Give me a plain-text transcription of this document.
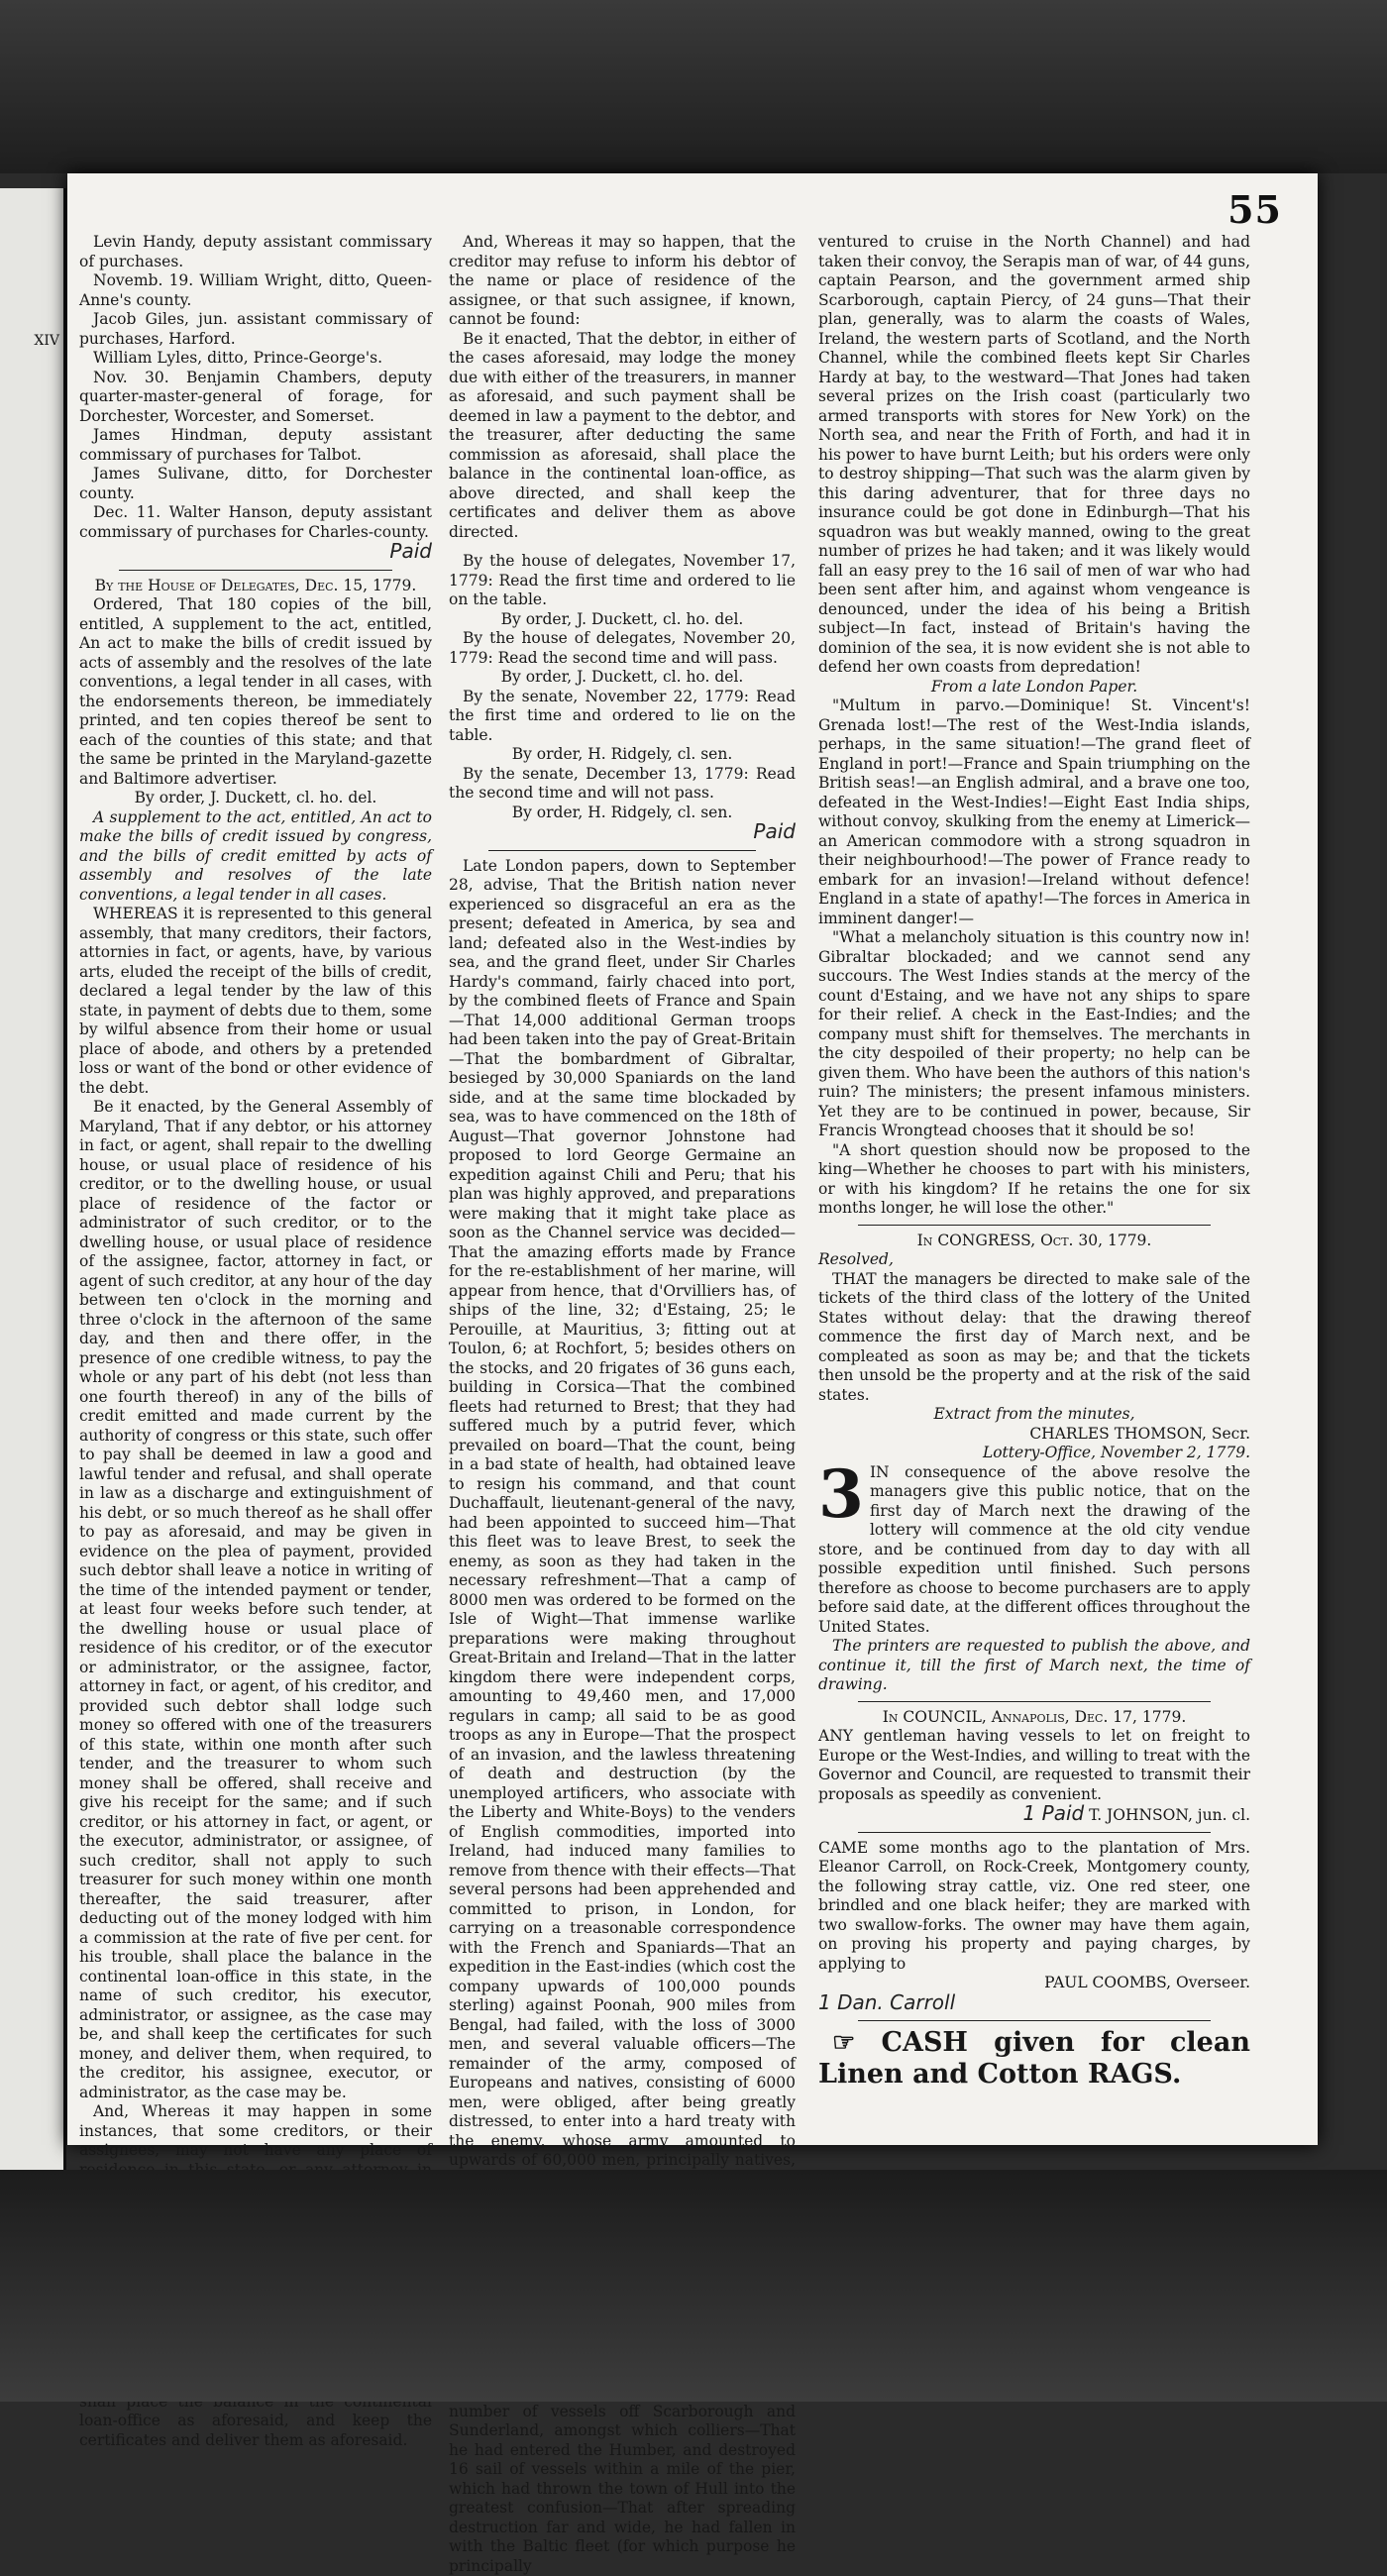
XIV
55

Levin Handy, deputy assistant commissary of purchases.

Novemb. 19. William Wright, ditto, Queen-Anne's county.

Jacob Giles, jun. assistant commissary of purchases, Harford.

William Lyles, ditto, Prince-George's.

Nov. 30. Benjamin Chambers, deputy quarter-master-general of forage, for Dorchester, Worcester, and Somerset.

James Hindman, deputy assistant commissary of purchases for Talbot.

James Sulivane, ditto, for Dorchester county.

Dec. 11. Walter Hanson, deputy assistant commissary of purchases for Charles-county.

Paid

By the House of Delegates, Dec. 15, 1779.

Ordered, That 180 copies of the bill, entitled, A supplement to the act, entitled, An act to make the bills of credit issued by acts of assembly and the resolves of the late conventions, a legal tender in all cases, with the endorsements thereon, be immediately printed, and ten copies thereof be sent to each of the counties of this state; and that the same be printed in the Maryland-gazette and Baltimore advertiser.

By order, J. Duckett, cl. ho. del.

A supplement to the act, entitled, An act to make the bills of credit issued by congress, and the bills of credit emitted by acts of assembly and resolves of the late conventions, a legal tender in all cases.

WHEREAS it is represented to this general assembly, that many creditors, their factors, attornies in fact, or agents, have, by various arts, eluded the receipt of the bills of credit, declared a legal tender by the law of this state, in payment of debts due to them, some by wilful absence from their home or usual place of abode, and others by a pretended loss or want of the bond or other evidence of the debt.

Be it enacted, by the General Assembly of Maryland, That if any debtor, or his attorney in fact, or agent, shall repair to the dwelling house, or usual place of residence of his creditor, or to the dwelling house, or usual place of residence of the factor or administrator of such creditor, or to the dwelling house, or usual place of residence of the assignee, factor, attorney in fact, or agent of such creditor, at any hour of the day between ten o'clock in the morning and three o'clock in the afternoon of the same day, and then and there offer, in the presence of one credible witness, to pay the whole or any part of his debt (not less than one fourth thereof) in any of the bills of credit emitted and made current by the authority of congress or this state, such offer to pay shall be deemed in law a good and lawful tender and refusal, and shall operate in law as a discharge and extinguishment of his debt, or so much thereof as he shall offer to pay as aforesaid, and may be given in evidence on the plea of payment, provided such debtor shall leave a notice in writing of the time of the intended payment or tender, at least four weeks before such tender, at the dwelling house or usual place of residence of his creditor, or of the executor or administrator, or the assignee, factor, attorney in fact, or agent, of his creditor, and provided such debtor shall lodge such money so offered with one of the treasurers of this state, within one month after such tender, and the treasurer to whom such money shall be offered, shall receive and give his receipt for the same; and if such creditor, or his attorney in fact, or agent, or the executor, administrator, or assignee, of such creditor, shall not apply to such treasurer for such money within one month thereafter, the said treasurer, after deducting out of the money lodged with him a commission at the rate of five per cent. for his trouble, shall place the balance in the continental loan-office in this state, in the name of such creditor, his executor, administrator, or assignee, as the case may be, and shall keep the certificates for such money, and deliver them, when required, to the creditor, his assignee, executor, or administrator, as the case may be.

And, Whereas it may happen in some instances, that some creditors, or their assignees, may not have any place of

loan-office as aforesaid, and keep the certificates and deliver them as aforesaid.

And, Whereas it may so happen, that the creditor may refuse to inform his debtor of the name or place of residence of the assignee, or that such assignee, if known, cannot be found:

Be it enacted, That the debtor, in either of the cases aforesaid, may lodge the money due with either of the treasurers, in manner as aforesaid, and such payment shall be deemed in law a payment to the debtor, and the treasurer, after deducting the same commission as aforesaid, shall place the balance in the continental loan-office, as above directed, and shall keep the certificates and deliver them as above directed.

By the house of delegates, November 17, 1779: Read the first time and ordered to lie on the table.

By order, J. Duckett, cl. ho. del.

By the house of delegates, November 20, 1779: Read the second time and will pass.

By order, J. Duckett, cl. ho. del.

By the senate, November 22, 1779: Read the first time and ordered to lie on the table.

By order, H. Ridgely, cl. sen.

By the senate, December 13, 1779: Read the second time and will not pass.

By order, H. Ridgely, cl. sen.

Paid

Late London papers, down to September 28, advise, That the British nation never experienced so disgraceful an era as the present; defeated in America, by sea and land; defeated also in the West-indies by sea, and the grand fleet, under Sir Charles Hardy's command, fairly chaced into port, by the combined fleets of France and Spain—That 14,000 additional German troops had been taken into the pay of Great-Britain—That the bombardment of Gibraltar, besieged by 30,000 Spaniards on the land side, and at the same time blockaded by sea, was to have commenced on the 18th of August—That governor Johnstone had proposed to lord George Germaine an expedition against Chili and Peru; that his plan was highly approved, and preparations were making that it might take place as soon as the Channel service was decided—That the amazing efforts made by France for the re-establishment of her marine, will appear from hence, that d'Orvilliers has, of ships of the line, 32; d'Estaing, 25; le Perouille, at Mauritius, 3; fitting out at Toulon, 6; at Rochfort, 5; besides others on the stocks, and 20 frigates of 36 guns each, building in Corsica—That the combined fleets had returned to Brest; that they had suffered much by a putrid fever, which prevailed on board—That the count, being in a bad state of health, had obtained leave to resign his command, and that count Duchaffault, lieutenant-general of the navy, had been appointed to succeed him—That this fleet was to leave Brest, to seek the enemy, as soon as they had taken in the necessary refreshment—That a camp of 8000 men was ordered to be formed on the Isle of Wight—That immense warlike preparations were making throughout Great-Britain and Ireland—That in the latter kingdom there were independent corps, amounting to 49,460 men, and 17,000 regulars in camp; all said to be as good troops as any in Europe—That the prospect of an invasion, and the lawless threatening of death and destruction (by the unemployed artificers, who associate with the Liberty and White-Boys) to the venders of English commodities, imported into Ireland, had induced many families to remove from thence with their effects—That several persons had been apprehended and committed to prison, in London, for carrying on a treasonable correspondence with the French and Spaniards—That an expedition in the East-indies (which cost the company upwards of 100,000 pounds sterling) against Poonah, 900 miles from Bengal, had failed, with the loss of 3000 men, and several valuable officers—The remainder of the army, composed of Europeans and natives, consisting of 6000 men, were obliged, after being greatly distressed, to enter into a hard treaty with the enemy, whose army amounted to upwards of 60,000 men, principally natives, number of vessels off Scarborough and Sunderland, amongst which colliers—That he had entered the Humber, and destroyed 16 sail of vessels within a mile of the pier, which had thrown the town of Hull into the greatest confusion—That after spreading destruction far and wide, he had fallen in with the Baltic fleet (for which purpose he principally

ventured to cruise in the North Channel) and had taken their convoy, the Serapis man of war, of 44 guns, captain Pearson, and the government armed ship Scarborough, captain Piercy, of 24 guns—That their plan, generally, was to alarm the coasts of Wales, Ireland, the western parts of Scotland, and the North Channel, while the combined fleets kept Sir Charles Hardy at bay, to the westward—That Jones had taken several prizes on the Irish coast (particularly two armed transports with stores for New York) on the North sea, and near the Frith of Forth, and had it in his power to have burnt Leith; but his orders were only to destroy shipping—That such was the alarm given by this daring adventurer, that for three days no insurance could be got done in Edinburgh—That his squadron was but weakly manned, owing to the great number of prizes he had taken; and it was likely would fall an easy prey to the 16 sail of men of war who had been sent after him, and against whom vengeance is denounced, under the idea of his being a British subject—In fact, instead of Britain's having the dominion of the sea, it is now evident she is not able to defend her own coasts from depredation!

From a late London Paper.

"Multum in parvo.—Dominique! St. Vincent's! Grenada lost!—The rest of the West-India islands, perhaps, in the same situation!—The grand fleet of England in port!—France and Spain triumphing on the British seas!—an English admiral, and a brave one too, defeated in the West-Indies!—Eight East India ships, without convoy, skulking from the enemy at Limerick—an American commodore with a strong squadron in their neighbourhood!—The power of France ready to embark for an invasion!—Ireland without defence! England in a state of apathy!—The forces in America in imminent danger!—

"What a melancholy situation is this country now in! Gibraltar blockaded; and we cannot send any succours. The West Indies stands at the mercy of the count d'Estaing, and we have not any ships to spare for their relief. A check in the East-Indies; and the company must shift for themselves. The merchants in the city despoiled of their property; no help can be given them. Who have been the authors of this nation's ruin? The ministers; the present infamous ministers. Yet they are to be continued in power, because, Sir Francis Wrongtead chooses that it should be so!

"A short question should now be proposed to the king—Whether he chooses to part with his ministers, or with his kingdom? If he retains the one for six months longer, he will lose the other."

In CONGRESS, Oct. 30, 1779.

Resolved,

THAT the managers be directed to make sale of the tickets of the third class of the lottery of the United States without delay: that the drawing thereof commence the first day of March next, and be compleated as soon as may be; and that the tickets then unsold be the property and at the risk of the said states.

Extract from the minutes,

CHARLES THOMSON, Secr.

Lottery-Office, November 2, 1779.

3 IN consequence of the above resolve the managers give this public notice, that on the first day of March next the drawing of the lottery will commence at the old city vendue store, and be continued from day to day with all possible expedition until finished. Such persons therefore as choose to become purchasers are to apply before said date, at the different offices throughout the United States.

The printers are requested to publish the above, and continue it, till the first of March next, the time of drawing.

In COUNCIL, Annapolis, Dec. 17, 1779.

ANY gentleman having vessels to let on freight to Europe or the West-Indies, and willing to treat with the Governor and Council, are requested to transmit their proposals as speedily as convenient.

1 Paid T. JOHNSON, jun. cl.

CAME some months ago to the plantation of Mrs. Eleanor Carroll, on Rock-Creek, Montgomery county, the following stray cattle, viz. One red steer, one brindled and one black heifer; they are marked with two swallow-forks. The owner may have them again, on proving his property and paying charges, by applying to

PAUL COOMBS, Overseer.

1 Dan. Carroll

☞ CASH given for clean Linen and Cotton RAGS.
